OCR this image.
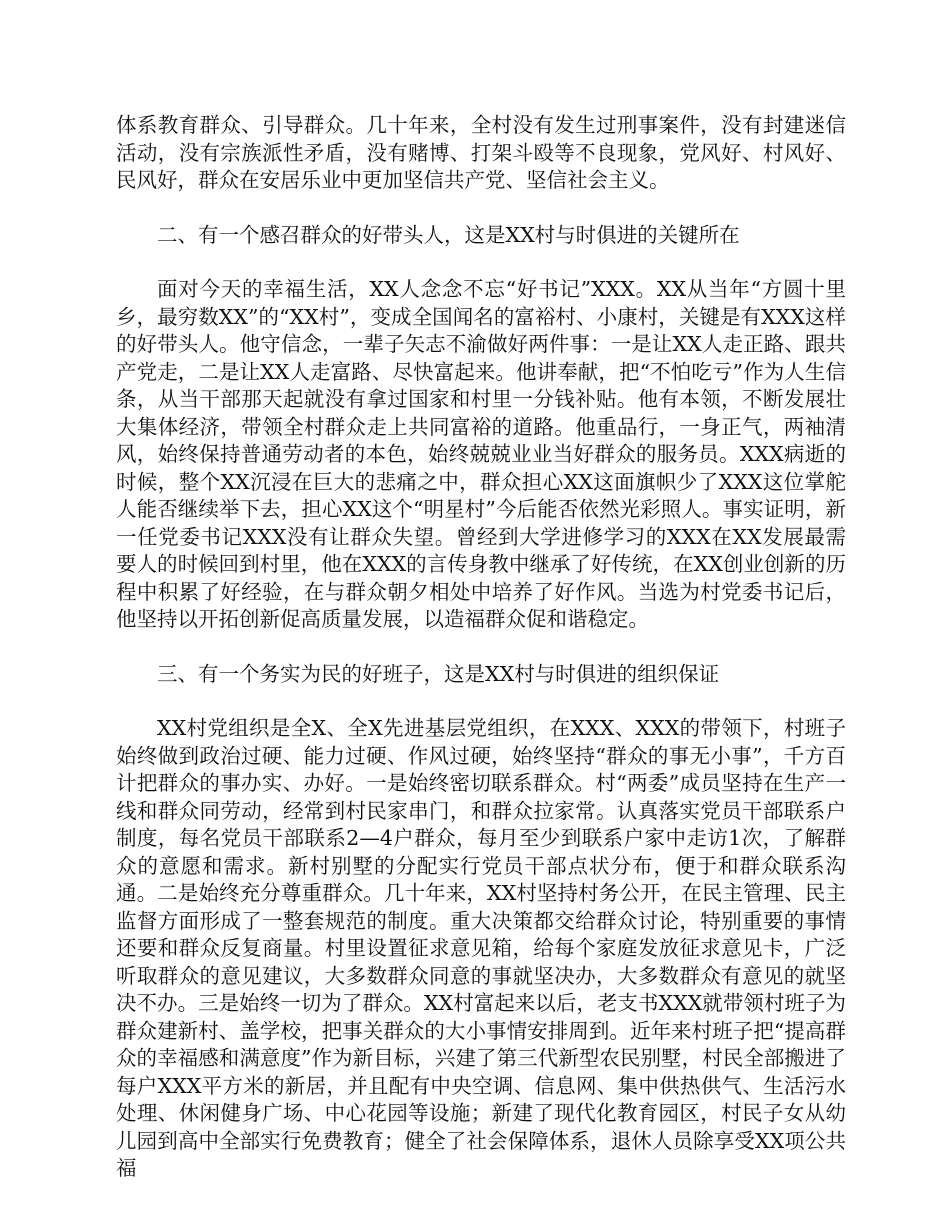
体系教育群众、引导群众。几十年来，全村没有发生过刑事案件，没有封建迷信活动，没有宗族派性矛盾，没有赌博、打架斗殴等不良现象，党风好、村风好、民风好，群众在安居乐业中更加坚信共产党、坚信社会主义。

二、有一个感召群众的好带头人，这是XX村与时俱进的关键所在

面对今天的幸福生活，XX人念念不忘“好书记”XXX。XX从当年“方圆十里乡，最穷数XX”的“XX村”，变成全国闻名的富裕村、小康村，关键是有XXX这样的好带头人。他守信念，一辈子矢志不渝做好两件事：一是让XX人走正路、跟共产党走，二是让XX人走富路、尽快富起来。他讲奉献，把“不怕吃亏”作为人生信条，从当干部那天起就没有拿过国家和村里一分钱补贴。他有本领，不断发展壮大集体经济，带领全村群众走上共同富裕的道路。他重品行，一身正气，两袖清风，始终保持普通劳动者的本色，始终兢兢业业当好群众的服务员。XXX病逝的时候，整个XX沉浸在巨大的悲痛之中，群众担心XX这面旗帜少了XXX这位掌舵人能否继续举下去，担心XX这个“明星村”今后能否依然光彩照人。事实证明，新一任党委书记XXX没有让群众失望。曾经到大学进修学习的XXX在XX发展最需要人的时候回到村里，他在XXX的言传身教中继承了好传统，在XX创业创新的历程中积累了好经验，在与群众朝夕相处中培养了好作风。当选为村党委书记后，他坚持以开拓创新促高质量发展，以造福群众促和谐稳定。

三、有一个务实为民的好班子，这是XX村与时俱进的组织保证

XX村党组织是全X、全X先进基层党组织，在XXX、XXX的带领下，村班子始终做到政治过硬、能力过硬、作风过硬，始终坚持“群众的事无小事”，千方百计把群众的事办实、办好。一是始终密切联系群众。村“两委”成员坚持在生产一线和群众同劳动，经常到村民家串门，和群众拉家常。认真落实党员干部联系户制度，每名党员干部联系2—4户群众，每月至少到联系户家中走访1次，了解群众的意愿和需求。新村别墅的分配实行党员干部点状分布，便于和群众联系沟通。二是始终充分尊重群众。几十年来，XX村坚持村务公开，在民主管理、民主监督方面形成了一整套规范的制度。重大决策都交给群众讨论，特别重要的事情还要和群众反复商量。村里设置征求意见箱，给每个家庭发放征求意见卡，广泛听取群众的意见建议，大多数群众同意的事就坚决办，大多数群众有意见的就坚决不办。三是始终一切为了群众。XX村富起来以后，老支书XXX就带领村班子为群众建新村、盖学校，把事关群众的大小事情安排周到。近年来村班子把“提高群众的幸福感和满意度”作为新目标，兴建了第三代新型农民别墅，村民全部搬进了每户XXX平方米的新居，并且配有中央空调、信息网、集中供热供气、生活污水处理、休闲健身广场、中心花园等设施；新建了现代化教育园区，村民子女从幼儿园到高中全部实行免费教育；健全了社会保障体系，退休人员除享受XX项公共福
